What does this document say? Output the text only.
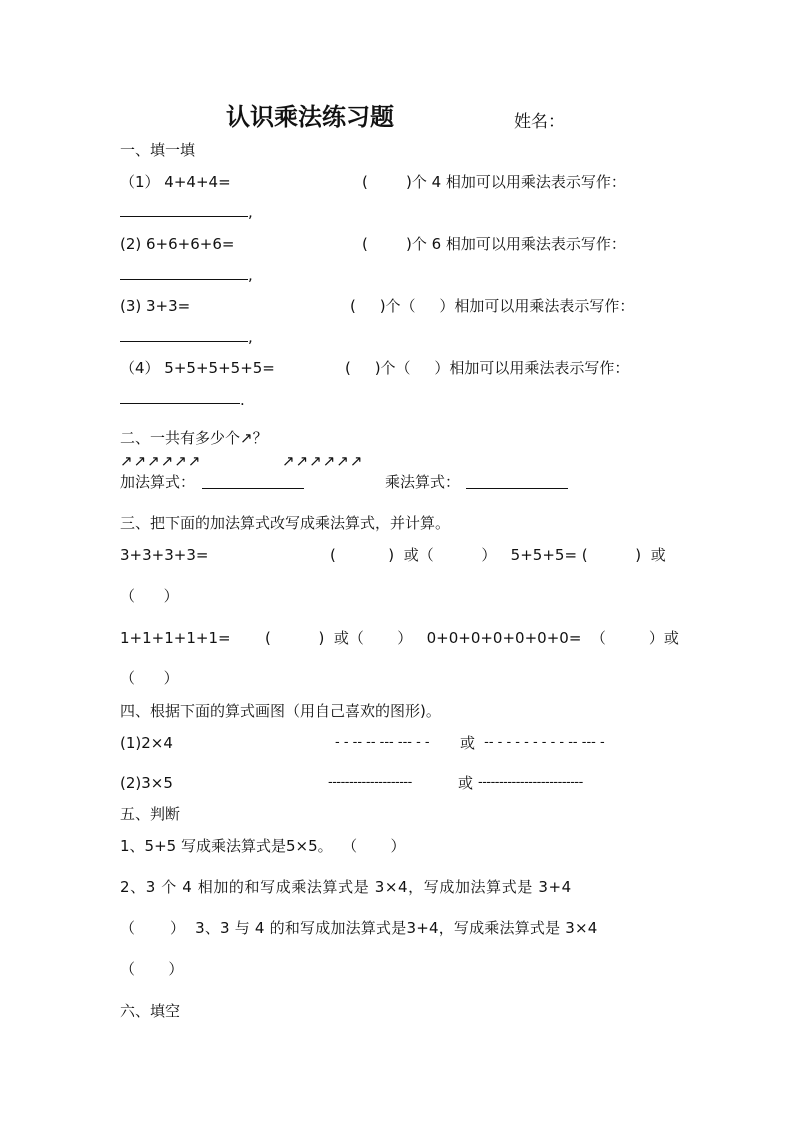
认识乘法练习题	姓名：
一、填一填
（1） 4+4+4=	(        )个 4 相加可以用乘法表示写作：
,
(2) 6+6+6+6=	(        )个 6 相加可以用乘法表示写作：
,
(3) 3+3=	(     )个（     ）相加可以用乘法表示写作：
,
（4） 5+5+5+5+5=	(     )个（     ）相加可以用乘法表示写作：
.
二、一共有多少个↗？
↗↗↗↗↗↗	↗↗↗↗↗↗
加法算式：	乘法算式：
三、把下面的加法算式改写成乘法算式，并计算。
3+3+3+3=	(           )  或（          ）   5+5+5= (          )  或
（      ）
1+1+1+1+1= (          )  或（       ）   0+0+0+0+0+0+0=  （         ）或
（      ）
四、根据下面的算式画图（用自己喜欢的图形)。
(1)2×4	- - -- -- --- --- - - 或 -- - - - - - - - - -- --- -
(2)3×5	--------------------	或 -------------------------
五、判断
1、5+5 写成乘法算式是5×5。  （       ）
2、3 个 4 相加的和写成乘法算式是 3×4，写成加法算式是 3+4
（       ）  3、3 与 4 的和写成加法算式是3+4，写成乘法算式是 3×4
（       ）
六、填空
